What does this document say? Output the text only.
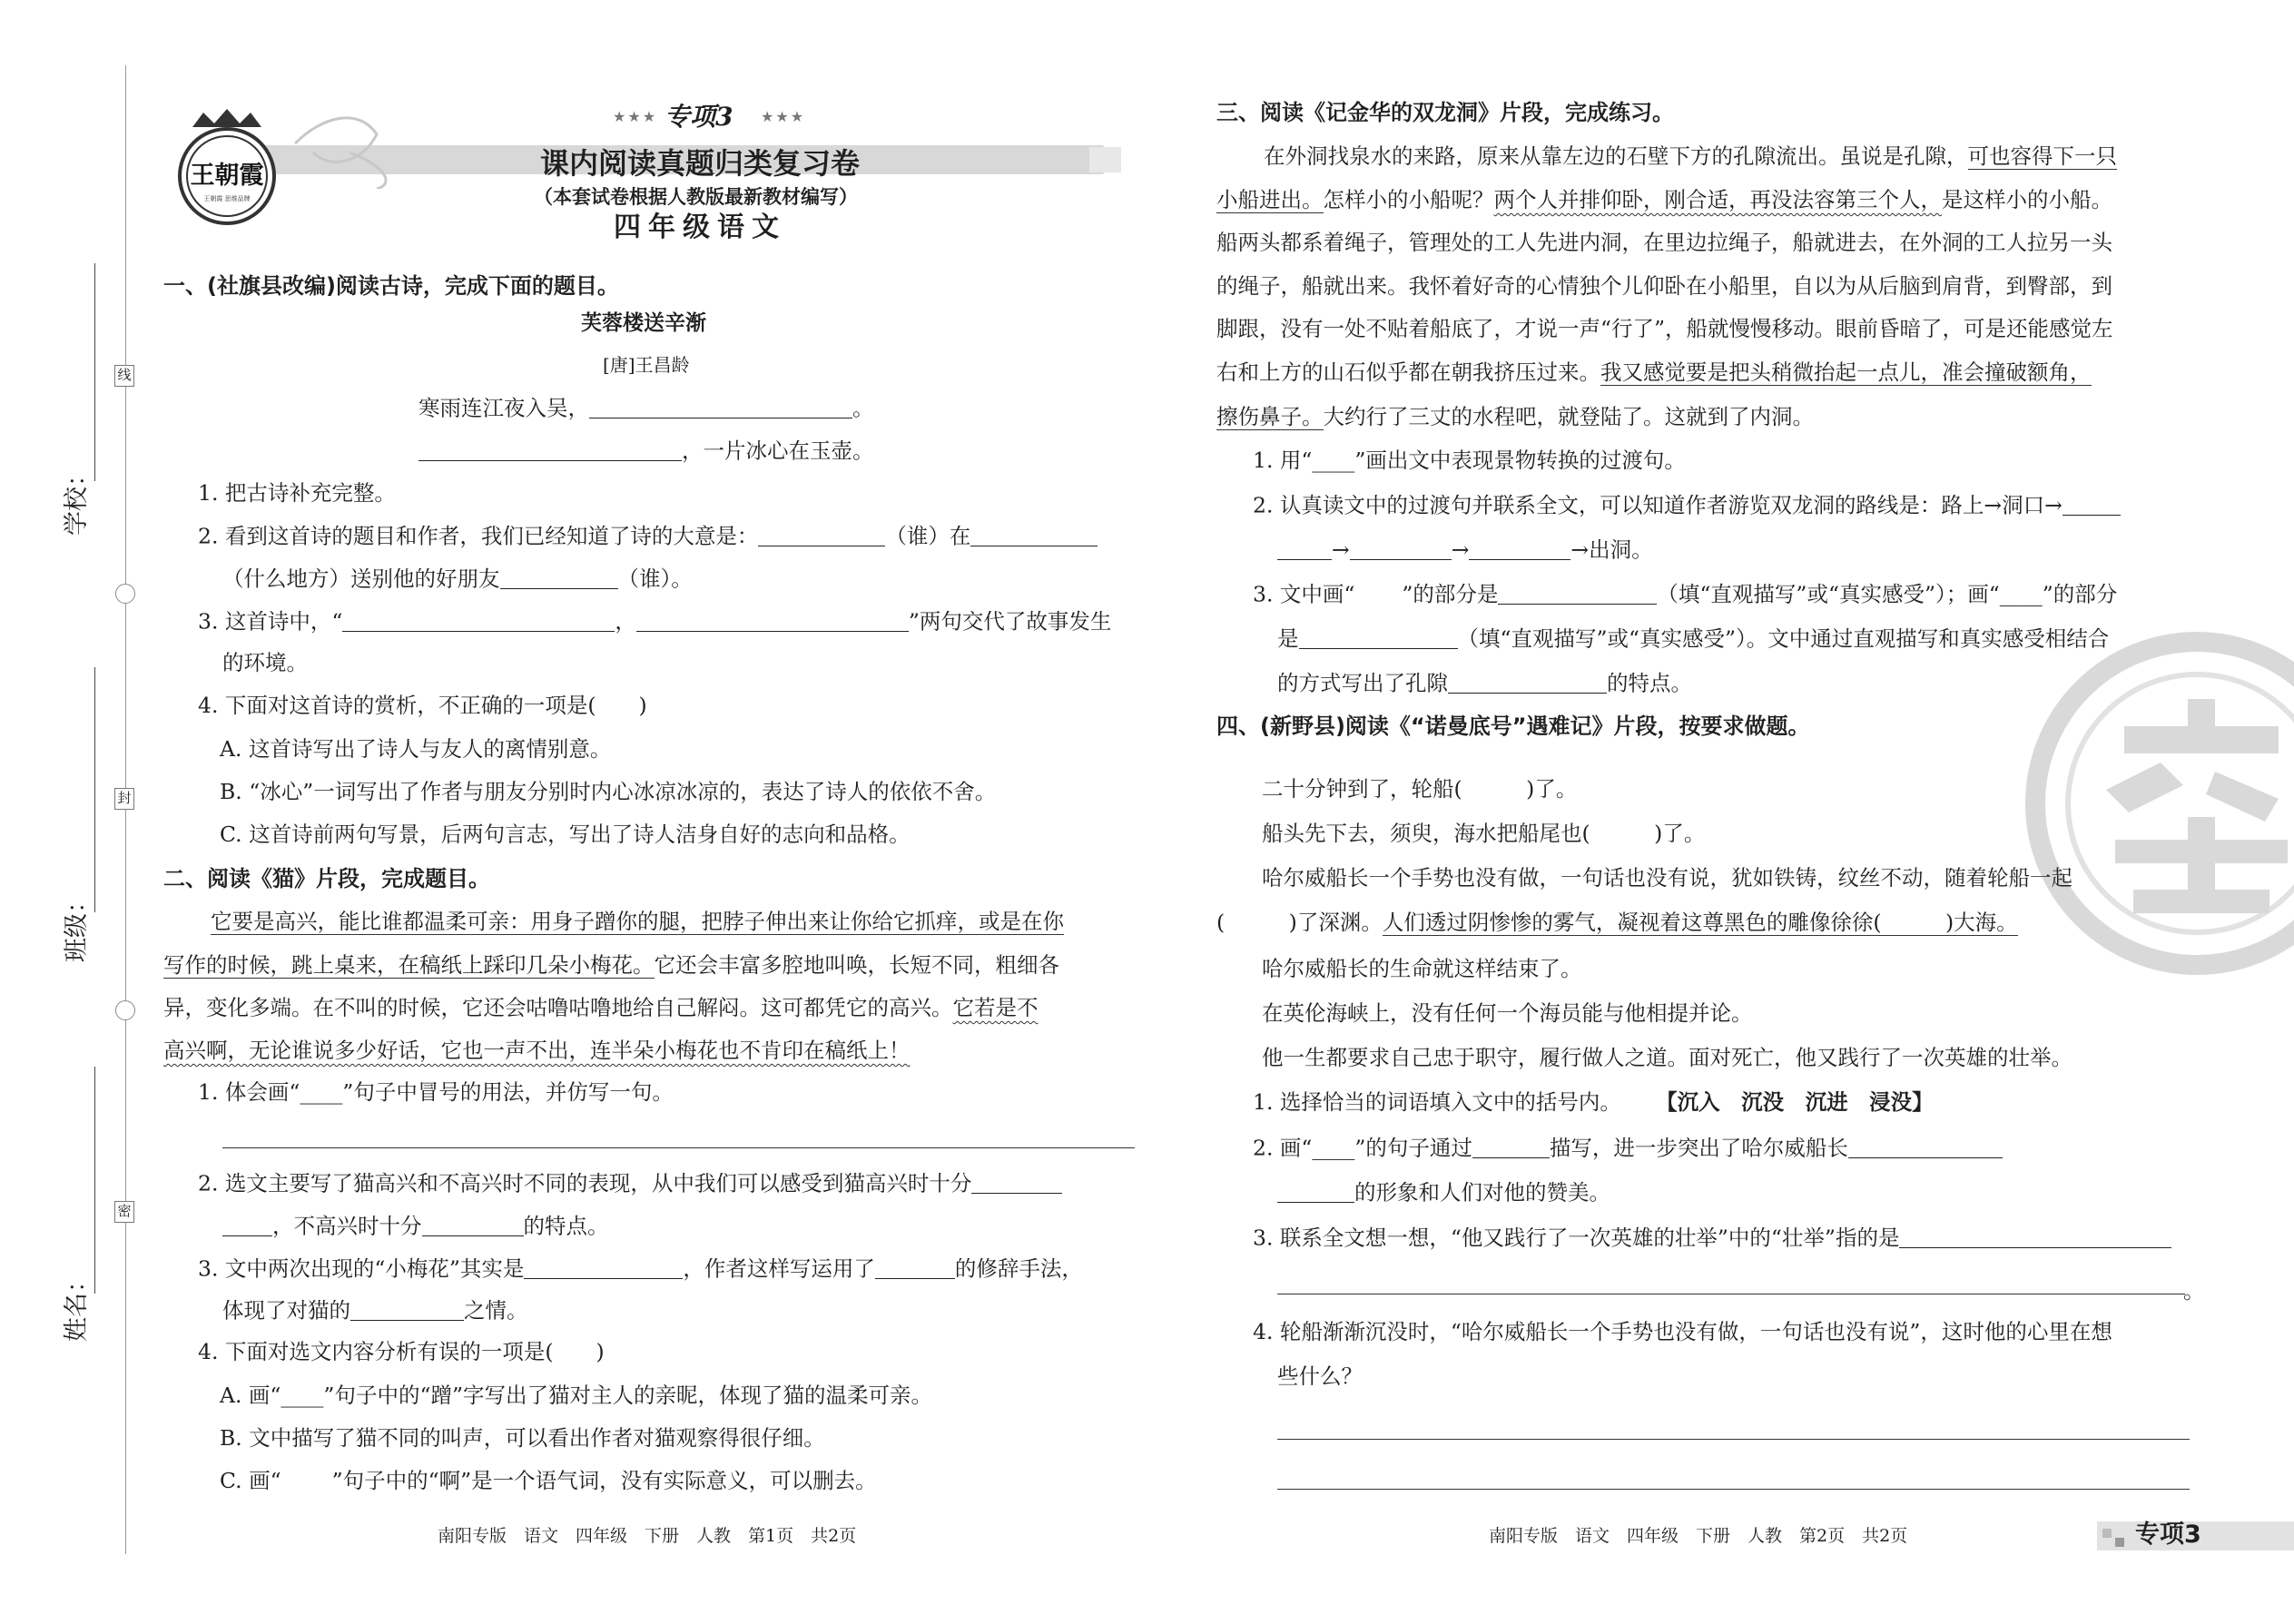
线
封
密
学校：
班级：
姓名：
王朝霞
王朝霞 思维品牌
★★★ 专项3 ★★★
课内阅读真题归类复习卷
（本套试卷根据人教版最新教材编写）
四年级语文
一、(社旗县改编)阅读古诗，完成下面的题目。
芙蓉楼送辛渐
[唐]王昌龄
寒雨连江夜入吴，	。
，一片冰心在玉壶。
1. 把古诗补充完整。
2. 看到这首诗的题目和作者，我们已经知道了诗的大意是：	（谁）在
（什么地方）送别他的好朋友	（谁）。
3. 这首诗中，“	，	”两句交代了故事发生
的环境。
4. 下面对这首诗的赏析，不正确的一项是(　　)
A. 这首诗写出了诗人与友人的离情别意。
B. “冰心”一词写出了作者与朋友分别时内心冰凉冰凉的，表达了诗人的依依不舍。
C. 这首诗前两句写景，后两句言志，写出了诗人洁身自好的志向和品格。
二、阅读《猫》片段，完成题目。
它要是高兴，能比谁都温柔可亲：用身子蹭你的腿，把脖子伸出来让你给它抓痒，或是在你
写作的时候，跳上桌来，在稿纸上踩印几朵小梅花。它还会丰富多腔地叫唤，长短不同，粗细各
异，变化多端。在不叫的时候，它还会咕噜咕噜地给自己解闷。这可都凭它的高兴。它若是不
高兴啊，无论谁说多少好话，它也一声不出，连半朵小梅花也不肯印在稿纸上！
1. 体会画“____”句子中冒号的用法，并仿写一句。
2. 选文主要写了猫高兴和不高兴时不同的表现，从中我们可以感受到猫高兴时十分
，不高兴时十分	的特点。
3. 文中两次出现的“小梅花”其实是	，作者这样写运用了	的修辞手法，
体现了对猫的	之情。
4. 下面对选文内容分析有误的一项是(　　)
A. 画“____”句子中的“蹭”字写出了猫对主人的亲昵，体现了猫的温柔可亲。
B. 文中描写了猫不同的叫声，可以看出作者对猫观察得很仔细。
C. 画“ ”句子中的“啊”是一个语气词，没有实际意义，可以删去。
南阳专版　语文　四年级　下册　人教　第1页　共2页
三、阅读《记金华的双龙洞》片段，完成练习。
在外洞找泉水的来路，原来从靠左边的石壁下方的孔隙流出。虽说是孔隙，可也容得下一只
小船进出。怎样小的小船呢？两个人并排仰卧，刚合适，再没法容第三个人，是这样小的小船。
船两头都系着绳子，管理处的工人先进内洞，在里边拉绳子，船就进去，在外洞的工人拉另一头
的绳子，船就出来。我怀着好奇的心情独个儿仰卧在小船里，自以为从后脑到肩背，到臀部，到
脚跟，没有一处不贴着船底了，才说一声“行了”，船就慢慢移动。眼前昏暗了，可是还能感觉左
右和上方的山石似乎都在朝我挤压过来。我又感觉要是把头稍微抬起一点儿，准会撞破额角，
擦伤鼻子。大约行了三丈的水程吧，就登陆了。这就到了内洞。
1. 用“____”画出文中表现景物转换的过渡句。
2. 认真读文中的过渡句并联系全文，可以知道作者游览双龙洞的路线是：路上→洞口→
→	→	→出洞。
3. 文中画“ ”的部分是	（填“直观描写”或“真实感受”）；画“____”的部分
是	（填“直观描写”或“真实感受”）。文中通过直观描写和真实感受相结合
的方式写出了孔隙	的特点。
四、(新野县)阅读《“诺曼底号”遇难记》片段，按要求做题。
二十分钟到了，轮船(　　　)了。
船头先下去，须臾，海水把船尾也(　　　)了。
哈尔威船长一个手势也没有做，一句话也没有说，犹如铁铸，纹丝不动，随着轮船一起
(　　　)了深渊。人们透过阴惨惨的雾气，凝视着这尊黑色的雕像徐徐(　　　)大海。
哈尔威船长的生命就这样结束了。
在英伦海峡上，没有任何一个海员能与他相提并论。
他一生都要求自己忠于职守，履行做人之道。面对死亡，他又践行了一次英雄的壮举。
1. 选择恰当的词语填入文中的括号内。 【沉入　沉没　沉进　浸没】
2. 画“____”的句子通过	描写，进一步突出了哈尔威船长
的形象和人们对他的赞美。
3. 联系全文想一想，“他又践行了一次英雄的壮举”中的“壮举”指的是
。
4. 轮船渐渐沉没时，“哈尔威船长一个手势也没有做，一句话也没有说”，这时他的心里在想
些什么？
南阳专版　语文　四年级　下册　人教　第2页　共2页	专项3
